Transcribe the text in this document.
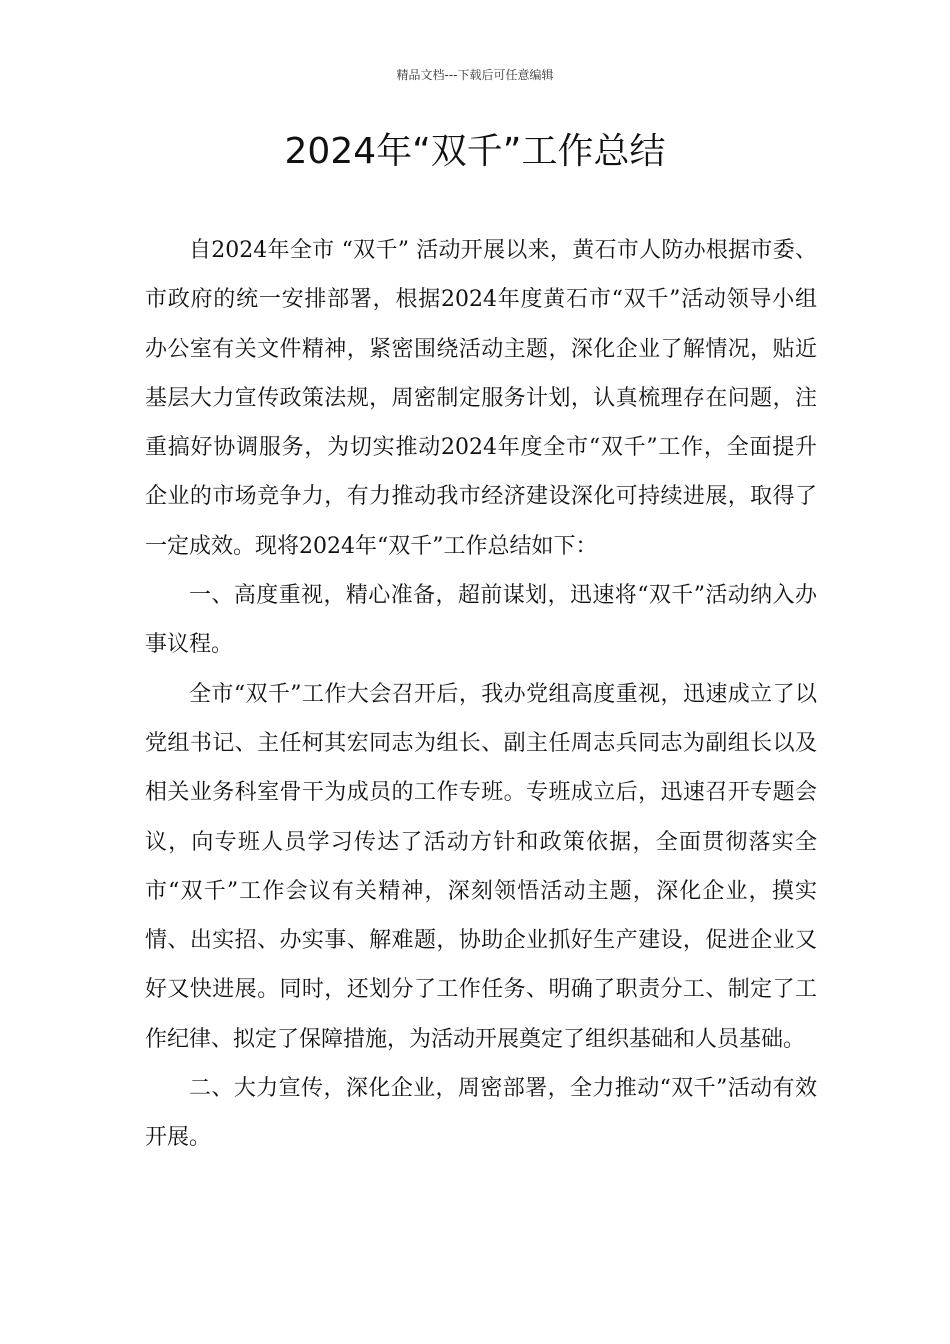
精品文档---下载后可任意编辑
2024年“双千”工作总结

自2024年全市 “双千” 活动开展以来，黄石市人防办根据市委、市政府的统一安排部署，根据2024年度黄石市“双千”活动领导小组办公室有关文件精神，紧密围绕活动主题，深化企业了解情况，贴近基层大力宣传政策法规，周密制定服务计划，认真梳理存在问题，注重搞好协调服务，为切实推动2024年度全市“双千”工作，全面提升企业的市场竞争力，有力推动我市经济建设深化可持续进展，取得了一定成效。现将2024年“双千”工作总结如下：

一、高度重视，精心准备，超前谋划，迅速将“双千”活动纳入办事议程。

全市“双千”工作大会召开后，我办党组高度重视，迅速成立了以党组书记、主任柯其宏同志为组长、副主任周志兵同志为副组长以及相关业务科室骨干为成员的工作专班。专班成立后，迅速召开专题会议，向专班人员学习传达了活动方针和政策依据，全面贯彻落实全市“双千”工作会议有关精神，深刻领悟活动主题，深化企业，摸实情、出实招、办实事、解难题，协助企业抓好生产建设，促进企业又好又快进展。同时，还划分了工作任务、明确了职责分工、制定了工作纪律、拟定了保障措施，为活动开展奠定了组织基础和人员基础。

二、大力宣传，深化企业，周密部署，全力推动“双千”活动有效开展。
